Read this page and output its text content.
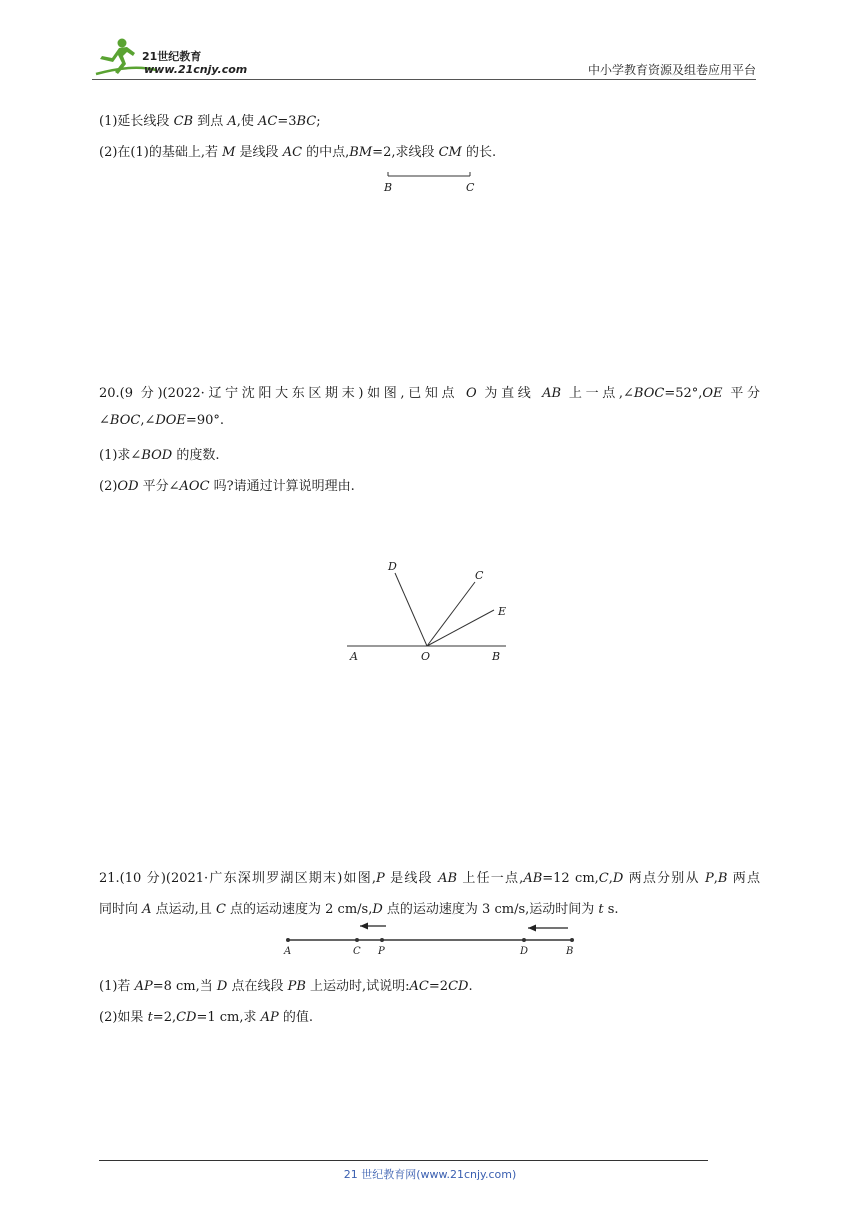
21世纪教育
www.21cnjy.com	中小学教育资源及组卷应用平台
(1)延长线段 CB 到点 A,使 AC=3BC;
(2)在(1)的基础上,若 M 是线段 AC 的中点,BM=2,求线段 CM 的长.
B	C
20.(9 分)(2022·辽宁沈阳大东区期末)如图,已知点 O 为直线 AB 上一点,∠BOC=52°,OE 平分
∠BOC,∠DOE=90°.
(1)求∠BOD 的度数.
(2)OD 平分∠AOC 吗?请通过计算说明理由.
A	O	B
D
C
E
21.(10 分)(2021·广东深圳罗湖区期末)如图,P 是线段 AB 上任一点,AB=12 cm,C,D 两点分别从 P,B 两点
同时向 A 点运动,且 C 点的运动速度为 2 cm/s,D 点的运动速度为 3 cm/s,运动时间为 t s.
A	C P	D	B
(1)若 AP=8 cm,当 D 点在线段 PB 上运动时,试说明:AC=2CD.
(2)如果 t=2,CD=1 cm,求 AP 的值.
21 世纪教育网(www.21cnjy.com)
